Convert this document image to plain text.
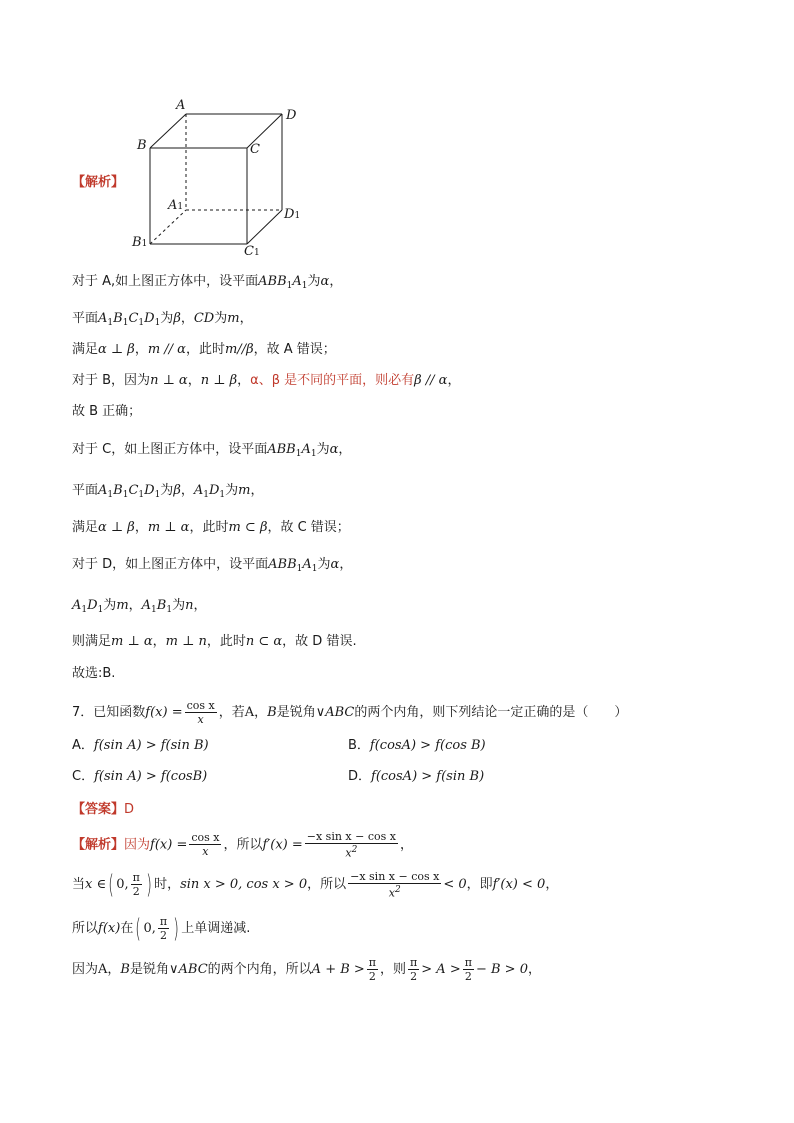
【解析】
A
D
B	C
A1	D1
B1	C1
对于 A,如上图正方体中，设平面$ABB_1A_1$为α，
平面$A_1B_1C_1D_1$为β，CD为m，
满足α ⊥ β，m // α，此时m//β，故 A 错误；
对于 B，因为n ⊥ α，n ⊥ β，α、β 是不同的平面，则必有β // α，
故 B 正确；
对于 C，如上图正方体中，设平面$ABB_1A_1$为α，
平面$A_1B_1C_1D_1$为β，$A_1D_1$为m，
满足α ⊥ β，m ⊥ α，此时m ⊂ β，故 C 错误；
对于 D，如上图正方体中，设平面$ABB_1A_1$为α，
$A_1D_1$为m，$A_1B_1$为n，
则满足m ⊥ α，m ⊥ n，此时n ⊂ α，故 D 错误.
故选:B.
7．已知函数$f(x) = \frac{\text{cos x}}{x}$ ，若A，B是锐角∨ABC的两个内角，则下列结论一定正确的是（　　）
A．f(sin A) > f(sin B)	B．f(cosA) > f(cos B)
C．f(sin A) > f(cosB)	D．f(cosA) > f(sin B)
【答案】D
【解析】因为$f(x) = \frac{\text{cos x}}{x}$ ，所以$f'(x) = \frac{\text{−x sin x − cos x}}{x^2}$ ，
当x ∈( 0, $\frac{\pi}{2}$ ) 时，sin x > 0, cos x > 0，所以 $\frac{\text{−x sin x − cos x}}{x^2} < 0$，即f′(x) < 0，
所以f(x)在( 0, $\frac{\pi}{2}$ ) 上单调递减.
因为A，B是锐角∨ABC的两个内角，所以$A + B > \frac{\pi}{2}$ ，则 $\frac{\pi}{2} > A > \frac{\pi}{2} - B > 0$，
